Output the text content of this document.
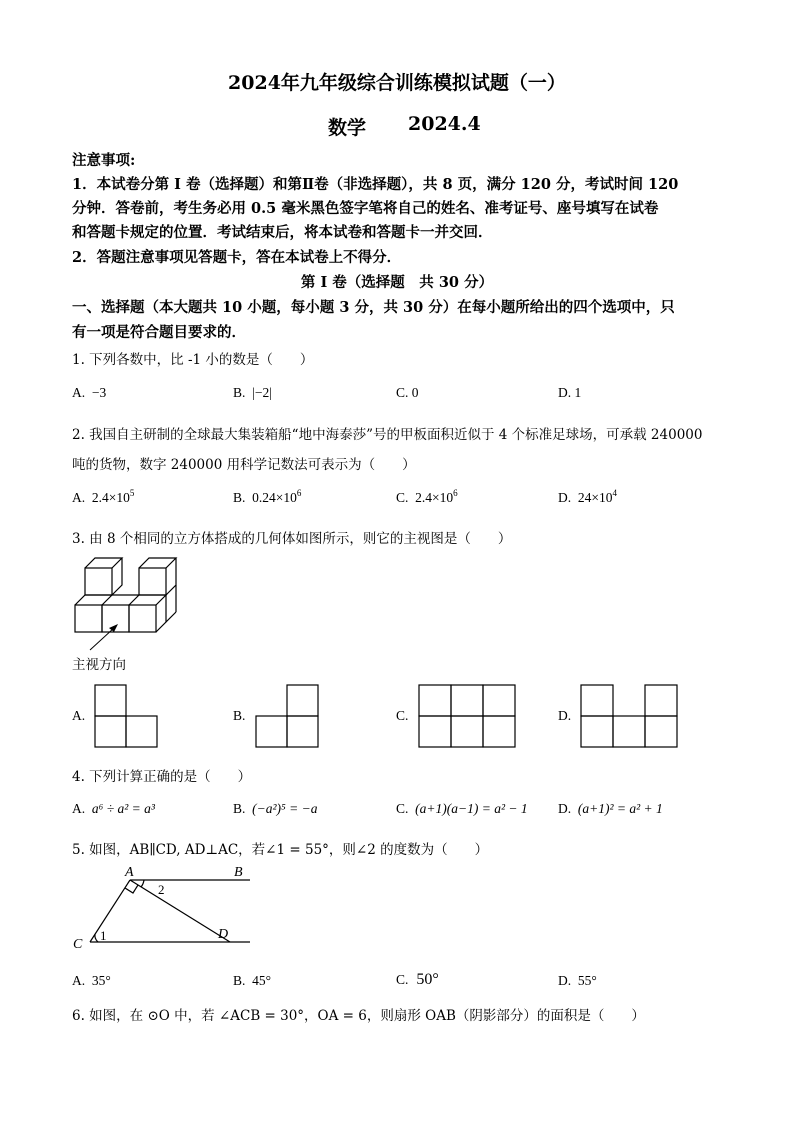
2024年九年级综合训练模拟试题（一）
数学 2024.4
注意事项:
1．本试卷分第 I 卷（选择题）和第Ⅱ卷（非选择题），共 8 页，满分 120 分，考试时间 120
分钟．答卷前，考生务必用 0.5 毫米黑色签字笔将自己的姓名、准考证号、座号填写在试卷
和答题卡规定的位置．考试结束后，将本试卷和答题卡一并交回．
2．答题注意事项见答题卡，答在本试卷上不得分．
第 I 卷（选择题　共 30 分）
一、选择题（本大题共 10 小题，每小题 3 分，共 30 分）在每小题所给出的四个选项中，只
有一项是符合题目要求的．
1. 下列各数中，比 -1 小的数是（　　）
A. −3	B. |−2|	C. 0	D. 1
2. 我国自主研制的全球最大集装箱船“地中海泰莎”号的甲板面积近似于 4 个标准足球场，可承载 240000
吨的货物，数字 240000 用科学记数法可表示为（　　）
A. $2.4\times 10^5$	B. $0.24\times 10^6$	C. $2.4\times 10^6$	D. $24\times 10^4$
3. 由 8 个相同的立方体搭成的几何体如图所示，则它的主视图是（　　）
主视方向
A.	B.	C.	D.
4. 下列计算正确的是（　　）
A. a⁶ ÷ a² = a³	B. (−a²)⁵ = −a	C. (a+1)(a−1) = a² − 1 D. (a+1)² = a² + 1
5. 如图，AB∥CD, AD⊥AC，若∠1 = 55°，则∠2 的度数为（　　）
A	B
C
D
1
2
A. 35°	B. 45°	C. 50°	D. 55°
6. 如图，在 ⊙O 中，若 ∠ACB = 30°，OA = 6，则扇形 OAB（阴影部分）的面积是（　　）
